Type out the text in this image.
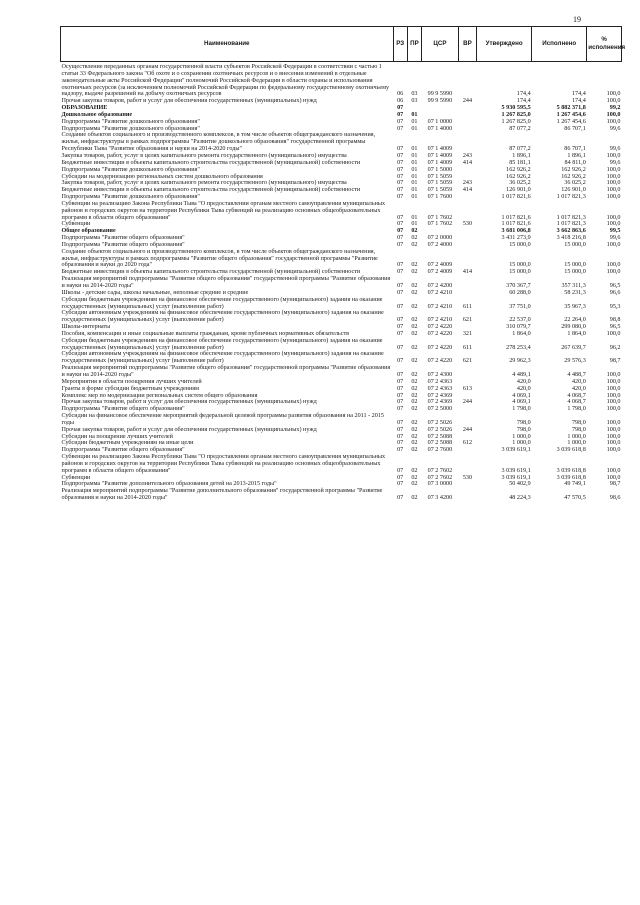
19
Наименование	РЗ	ПР	ЦСР	ВР	Утверждено	Исполнено	% исполнения
Осуществление переданных органам государственной власти субъектов Российской Федерации в соответствии с частью 1 статьи 33 Федерального закона "Об охоте и о сохранении охотничьих ресурсов и о внесении изменений в отдельные законодательные акты Российской Федерации" полномочий Российской Федерации в области охраны и использования охотничьих ресурсов (за исключением полномочий Российской Федерации по федеральному государственному охотничьему надзору, выдаче разрешений на добычу охотничьих ресурсов	06	03	99 9 5990		174,4	174,4	100,0
Прочая закупка товаров, работ и услуг для обеспечения государственных (муниципальных) нужд	06	03	99 9 5990	244	174,4	174,4	100,0
ОБРАЗОВАНИЕ	07				5 930 595,5	5 882 371,8	99,2
Дошкольное образование	07	01			1 267 825,0	1 267 454,6	100,0
Подпрограмма "Развитие дошкольного образования"	07	01	07 1 0000		1 267 825,0	1 267 454,6	100,0
Подпрограмма "Развитие дошкольного образования"	07	01	07 1 4000		87 077,2	86 707,1	99,6
Создание объектов социального и производственного комплексов, в том числе объектов общегражданского назначения, жилья, инфраструктуры в рамках подпрограммы "Развитие дошкольного образования" государственной программы Республики Тыва "Развитие образования и науки на 2014-2020 годы"	07	01	07 1 4009		87 077,2	86 707,1	99,6
Закупка товаров, работ, услуг в целях капитального ремонта государственного (муниципального) имущества	07	01	07 1 4009	243	1 896,1	1 896,1	100,0
Бюджетные инвестиции в объекты капитального строительства государственной (муниципальной) собственности	07	01	07 1 4009	414	85 181,1	84 811,0	99,6
Подпрограмма "Развитие дошкольного образования"	07	01	07 1 5000		162 926,2	162 926,2	100,0
Субсидии на модернизацию региональных систем дошкольного образования	07	01	07 1 5059		162 926,2	162 926,2	100,0
Закупка товаров, работ, услуг в целях капитального ремонта государственного (муниципального) имущества	07	01	07 1 5059	243	36 025,2	36 025,2	100,0
Бюджетные инвестиции в объекты капитального строительства государственной (муниципальной) собственности	07	01	07 1 5059	414	126 901,0	126 901,0	100,0
Подпрограмма "Развитие дошкольного образования"	07	01	07 1 7600		1 017 821,6	1 017 821,3	100,0
Субвенции на реализацию Закона Республики Тыва "О предоставлении органам местного самоуправления муниципальных районов и городских округов на территории Республики Тыва субвенций на реализацию основных общеобразовательных программ в области общего образования"	07	01	07 1 7602		1 017 821,6	1 017 821,3	100,0
Субвенции	07	01	07 1 7602	530	1 017 821,6	1 017 821,3	100,0
Общее образование	07	02			3 681 006,8	3 662 863,6	99,5
Подпрограмма "Развитие общего образования"	07	02	07 2 0000		3 431 273,9	3 418 216,8	99,6
Подпрограмма "Развитие общего образования"	07	02	07 2 4000		15 000,0	15 000,0	100,0
Создание объектов социального и производственного комплексов, в том числе объектов общегражданского назначения, жилья, инфраструктуры в рамках подпрограммы "Развитие общего образования" государственной программы "Развитие образования и науки до 2020 года"	07	02	07 2 4009		15 000,0	15 000,0	100,0
Бюджетные инвестиции в объекты капитального строительства государственной (муниципальной) собственности	07	02	07 2 4009	414	15 000,0	15 000,0	100,0
Реализация мероприятий подпрограммы "Развитие общего образования" государственной программы "Развитие образования и науки на 2014-2020 годы"	07	02	07 2 4200		370 367,7	357 311,3	96,5
Школы - детские сады, школы начальные, неполные средние и средние	07	02	07 2 4210		60 288,0	58 231,3	96,6
Субсидии бюджетным учреждениям на финансовое обеспечение государственного (муниципального) задания на оказание государственных (муниципальных) услуг (выполнение работ)	07	02	07 2 4210	611	37 751,0	35 967,3	95,3
Субсидии автономным учреждениям на финансовое обеспечение государственного (муниципального) задания на оказание государственных (муниципальных) услуг (выполнение работ)	07	02	07 2 4210	621	22 537,0	22 264,0	98,8
Школы-интернаты	07	02	07 2 4220		310 079,7	299 080,0	96,5
Пособия, компенсации и иные социальные выплаты гражданам, кроме публичных нормативных обязательств	07	02	07 2 4220	321	1 864,0	1 864,0	100,0
Субсидии бюджетным учреждениям на финансовое обеспечение государственного (муниципального) задания на оказание государственных (муниципальных) услуг (выполнение работ)	07	02	07 2 4220	611	278 253,4	267 639,7	96,2
Субсидии автономным учреждениям на финансовое обеспечение государственного (муниципального) задания на оказание государственных (муниципальных) услуг (выполнение работ)	07	02	07 2 4220	621	29 962,3	29 576,3	98,7
Реализация мероприятий подпрограммы "Развитие общего образования" государственной программы "Развитие образования и науки на 2014-2020 годы"	07	02	07 2 4300		4 489,1	4 488,7	100,0
Мероприятия в области поощрения лучших учителей	07	02	07 2 4363		420,0	420,0	100,0
Гранты в форме субсидии бюджетным учреждениям	07	02	07 2 4363	613	420,0	420,0	100,0
Комплекс мер по модернизации региональных систем общего образования	07	02	07 2 4369		4 069,1	4 068,7	100,0
Прочая закупка товаров, работ и услуг для обеспечения государственных (муниципальных) нужд	07	02	07 2 4369	244	4 069,1	4 068,7	100,0
Подпрограмма "Развитие общего образования"	07	02	07 2 5000		1 798,0	1 798,0	100,0
Субсидии на финансовое обеспечение мероприятий федеральной целевой программы развития образования на 2011 - 2015 годы	07	02	07 2 5026		798,0	798,0	100,0
Прочая закупка товаров, работ и услуг для обеспечения государственных (муниципальных) нужд	07	02	07 2 5026	244	798,0	798,0	100,0
Субсидии на поощрение лучших учителей	07	02	07 2 5088		1 000,0	1 000,0	100,0
Субсидии бюджетным учреждениям на иные цели	07	02	07 2 5088	612	1 000,0	1 000,0	100,0
Подпрограмма "Развитие общего образования"	07	02	07 2 7600		3 039 619,1	3 039 618,8	100,0
Субвенции на реализацию Закона Республики Тыва "О предоставлении органам местного самоуправления муниципальных районов и городских округов на территории Республики Тыва субвенций на реализацию основных общеобразовательных программ в области общего образования"	07	02	07 2 7602		3 039 619,1	3 039 618,8	100,0
Субвенции	07	02	07 2 7602	530	3 039 619,1	3 039 618,8	100,0
Подпрограмма "Развитие дополнительного образования детей на 2013-2015 годы"	07	02	07 3 0000		50 402,9	49 749,1	98,7
Реализация мероприятий подпрограммы "Развитие дополнительного образования" государственной программы "Развитие образования и науки на 2014-2020 годы"	07	02	07 3 4200		48 224,3	47 570,5	98,6
